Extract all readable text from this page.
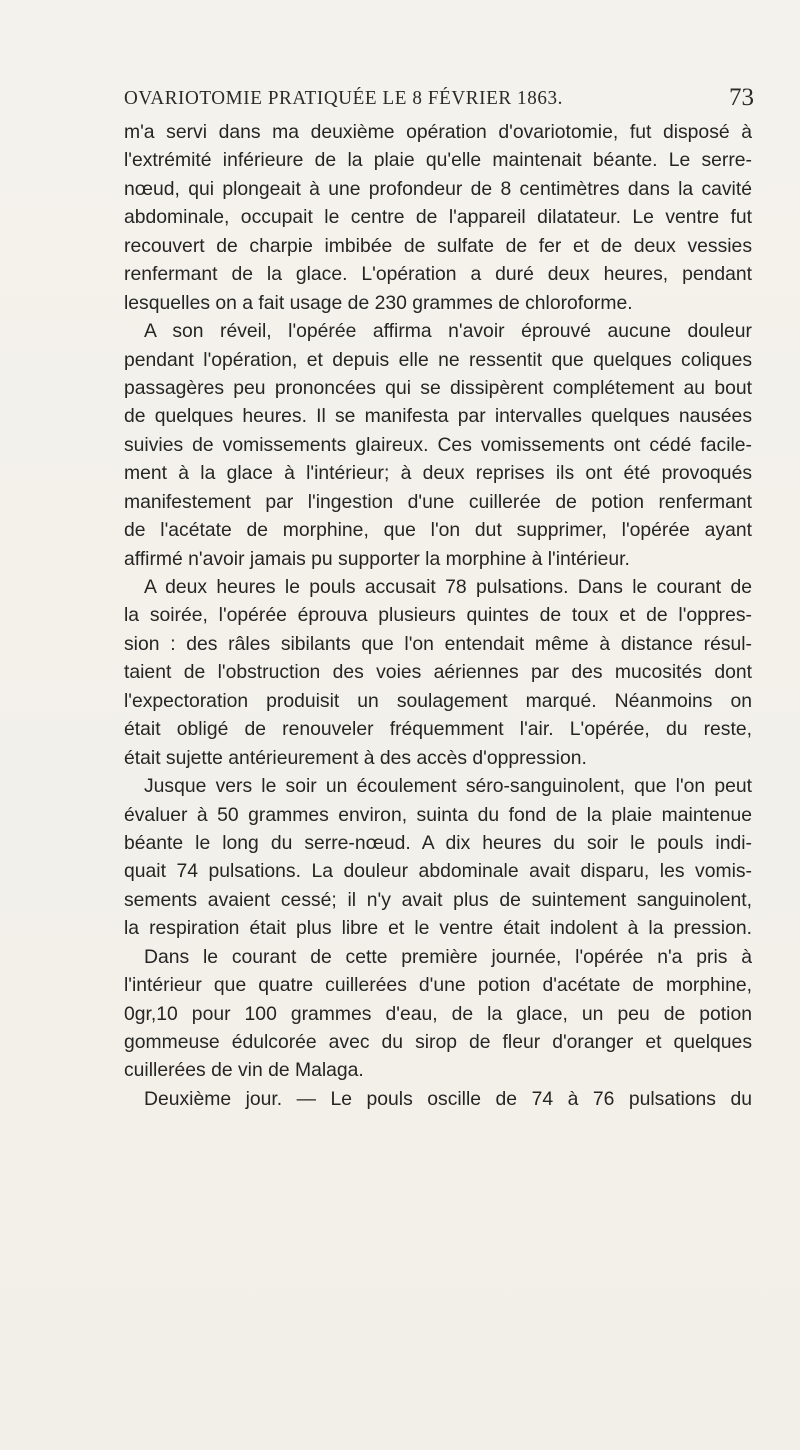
OVARIOTOMIE PRATIQUÉE LE 8 FÉVRIER 1863.	73
m'a servi dans ma deuxième opération d'ovariotomie, fut disposé à
l'extrémité inférieure de la plaie qu'elle maintenait béante. Le serre-
nœud, qui plongeait à une profondeur de 8 centimètres dans la cavité
abdominale, occupait le centre de l'appareil dilatateur. Le ventre fut
recouvert de charpie imbibée de sulfate de fer et de deux vessies
renfermant de la glace. L'opération a duré deux heures, pendant
lesquelles on a fait usage de 230 grammes de chloroforme.
A son réveil, l'opérée affirma n'avoir éprouvé aucune douleur
pendant l'opération, et depuis elle ne ressentit que quelques coliques
passagères peu prononcées qui se dissipèrent complétement au bout
de quelques heures. Il se manifesta par intervalles quelques nausées
suivies de vomissements glaireux. Ces vomissements ont cédé facile-
ment à la glace à l'intérieur; à deux reprises ils ont été provoqués
manifestement par l'ingestion d'une cuillerée de potion renfermant
de l'acétate de morphine, que l'on dut supprimer, l'opérée ayant
affirmé n'avoir jamais pu supporter la morphine à l'intérieur.
A deux heures le pouls accusait 78 pulsations. Dans le courant de
la soirée, l'opérée éprouva plusieurs quintes de toux et de l'oppres-
sion : des râles sibilants que l'on entendait même à distance résul-
taient de l'obstruction des voies aériennes par des mucosités dont
l'expectoration produisit un soulagement marqué. Néanmoins on
était obligé de renouveler fréquemment l'air. L'opérée, du reste,
était sujette antérieurement à des accès d'oppression.
Jusque vers le soir un écoulement séro-sanguinolent, que l'on peut
évaluer à 50 grammes environ, suinta du fond de la plaie maintenue
béante le long du serre-nœud. A dix heures du soir le pouls indi-
quait 74 pulsations. La douleur abdominale avait disparu, les vomis-
sements avaient cessé; il n'y avait plus de suintement sanguinolent,
la respiration était plus libre et le ventre était indolent à la pression.
Dans le courant de cette première journée, l'opérée n'a pris à
l'intérieur que quatre cuillerées d'une potion d'acétate de morphine,
0gr,10 pour 100 grammes d'eau, de la glace, un peu de potion
gommeuse édulcorée avec du sirop de fleur d'oranger et quelques
cuillerées de vin de Malaga.
Deuxième jour. — Le pouls oscille de 74 à 76 pulsations du
